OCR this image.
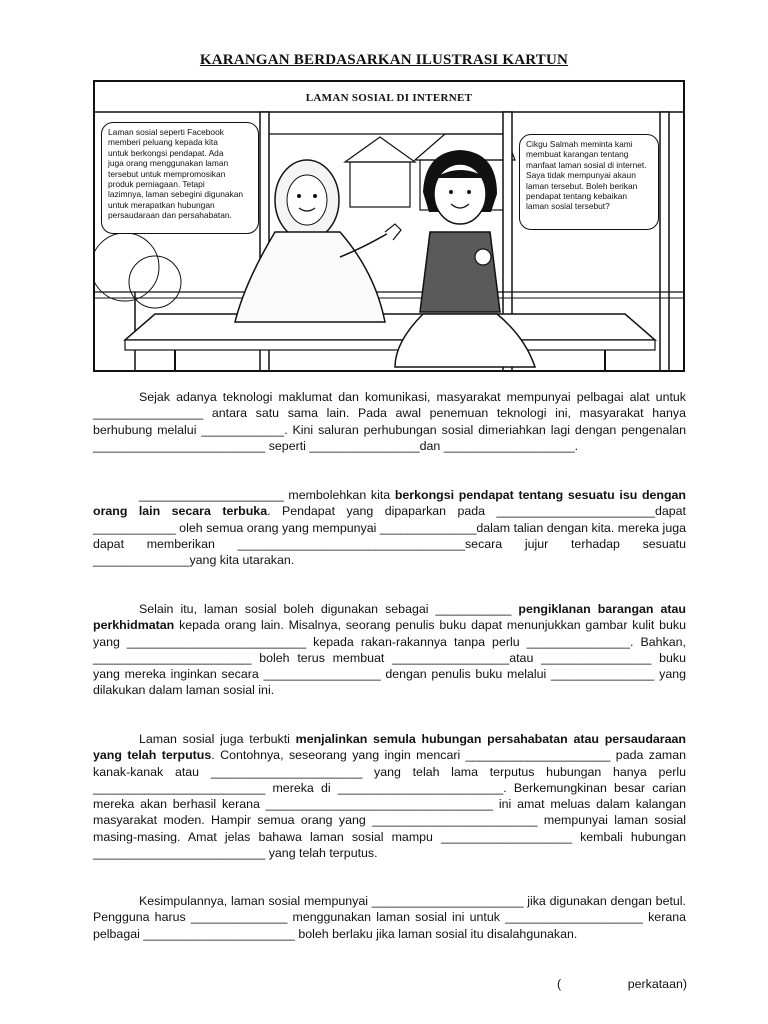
KARANGAN BERDASARKAN ILUSTRASI KARTUN
LAMAN SOSIAL DI INTERNET
Laman sosial seperti Facebook
memberi peluang kepada kita
untuk berkongsi pendapat. Ada
juga orang menggunakan laman
tersebut untuk mempromosikan
produk perniagaan. Tetapi
lazimnya, laman sebegini digunakan
untuk merapatkan hubungan
persaudaraan dan persahabatan.
Cikgu Salmah meminta kami
membuat karangan tentang
manfaat laman sosial di internet.
Saya tidak mempunyai akaun
laman tersebut. Boleh berikan
pendapat tentang kebaikan
laman sosial tersebut?
Sejak adanya teknologi maklumat dan komunikasi, masyarakat mempunyai pelbagai alat untuk ________________ antara satu sama lain. Pada awal penemuan teknologi ini, masyarakat hanya berhubung melalui ____________. Kini saluran perhubungan sosial dimeriahkan lagi dengan pengenalan _________________________ seperti ________________dan ___________________.
_____________________ membolehkan kita berkongsi pendapat tentang sesuatu isu dengan orang lain secara terbuka. Pendapat yang dipaparkan pada _______________________dapat ____________ oleh semua orang yang mempunyai ______________dalam talian dengan kita. mereka juga dapat memberikan _________________________________secara jujur terhadap sesuatu ______________yang kita utarakan.
Selain itu, laman sosial boleh digunakan sebagai ___________ pengiklanan barangan atau perkhidmatan kepada orang lain. Misalnya, seorang penulis buku dapat menunjukkan gambar kulit buku yang __________________________ kepada rakan-rakannya tanpa perlu _______________. Bahkan, _______________________ boleh terus membuat _________________atau ________________ buku yang mereka inginkan secara _________________ dengan penulis buku melalui _______________ yang dilakukan dalam laman sosial ini.
Laman sosial juga terbukti menjalinkan semula hubungan persahabatan atau persaudaraan yang telah terputus. Contohnya, seseorang yang ingin mencari _____________________ pada zaman kanak-kanak atau ______________________ yang telah lama terputus hubungan hanya perlu _________________________ mereka di ________________________. Berkemungkinan besar carian mereka akan berhasil kerana _________________________________ ini amat meluas dalam kalangan masyarakat moden. Hampir semua orang yang ________________________ mempunyai laman sosial masing-masing. Amat jelas bahawa laman sosial mampu ___________________ kembali hubungan _________________________ yang telah terputus.
Kesimpulannya, laman sosial mempunyai ______________________ jika digunakan dengan betul. Pengguna harus ______________ menggunakan laman sosial ini untuk ____________________ kerana pelbagai ______________________ boleh berlaku jika laman sosial itu disalahgunakan.
(	perkataan)
